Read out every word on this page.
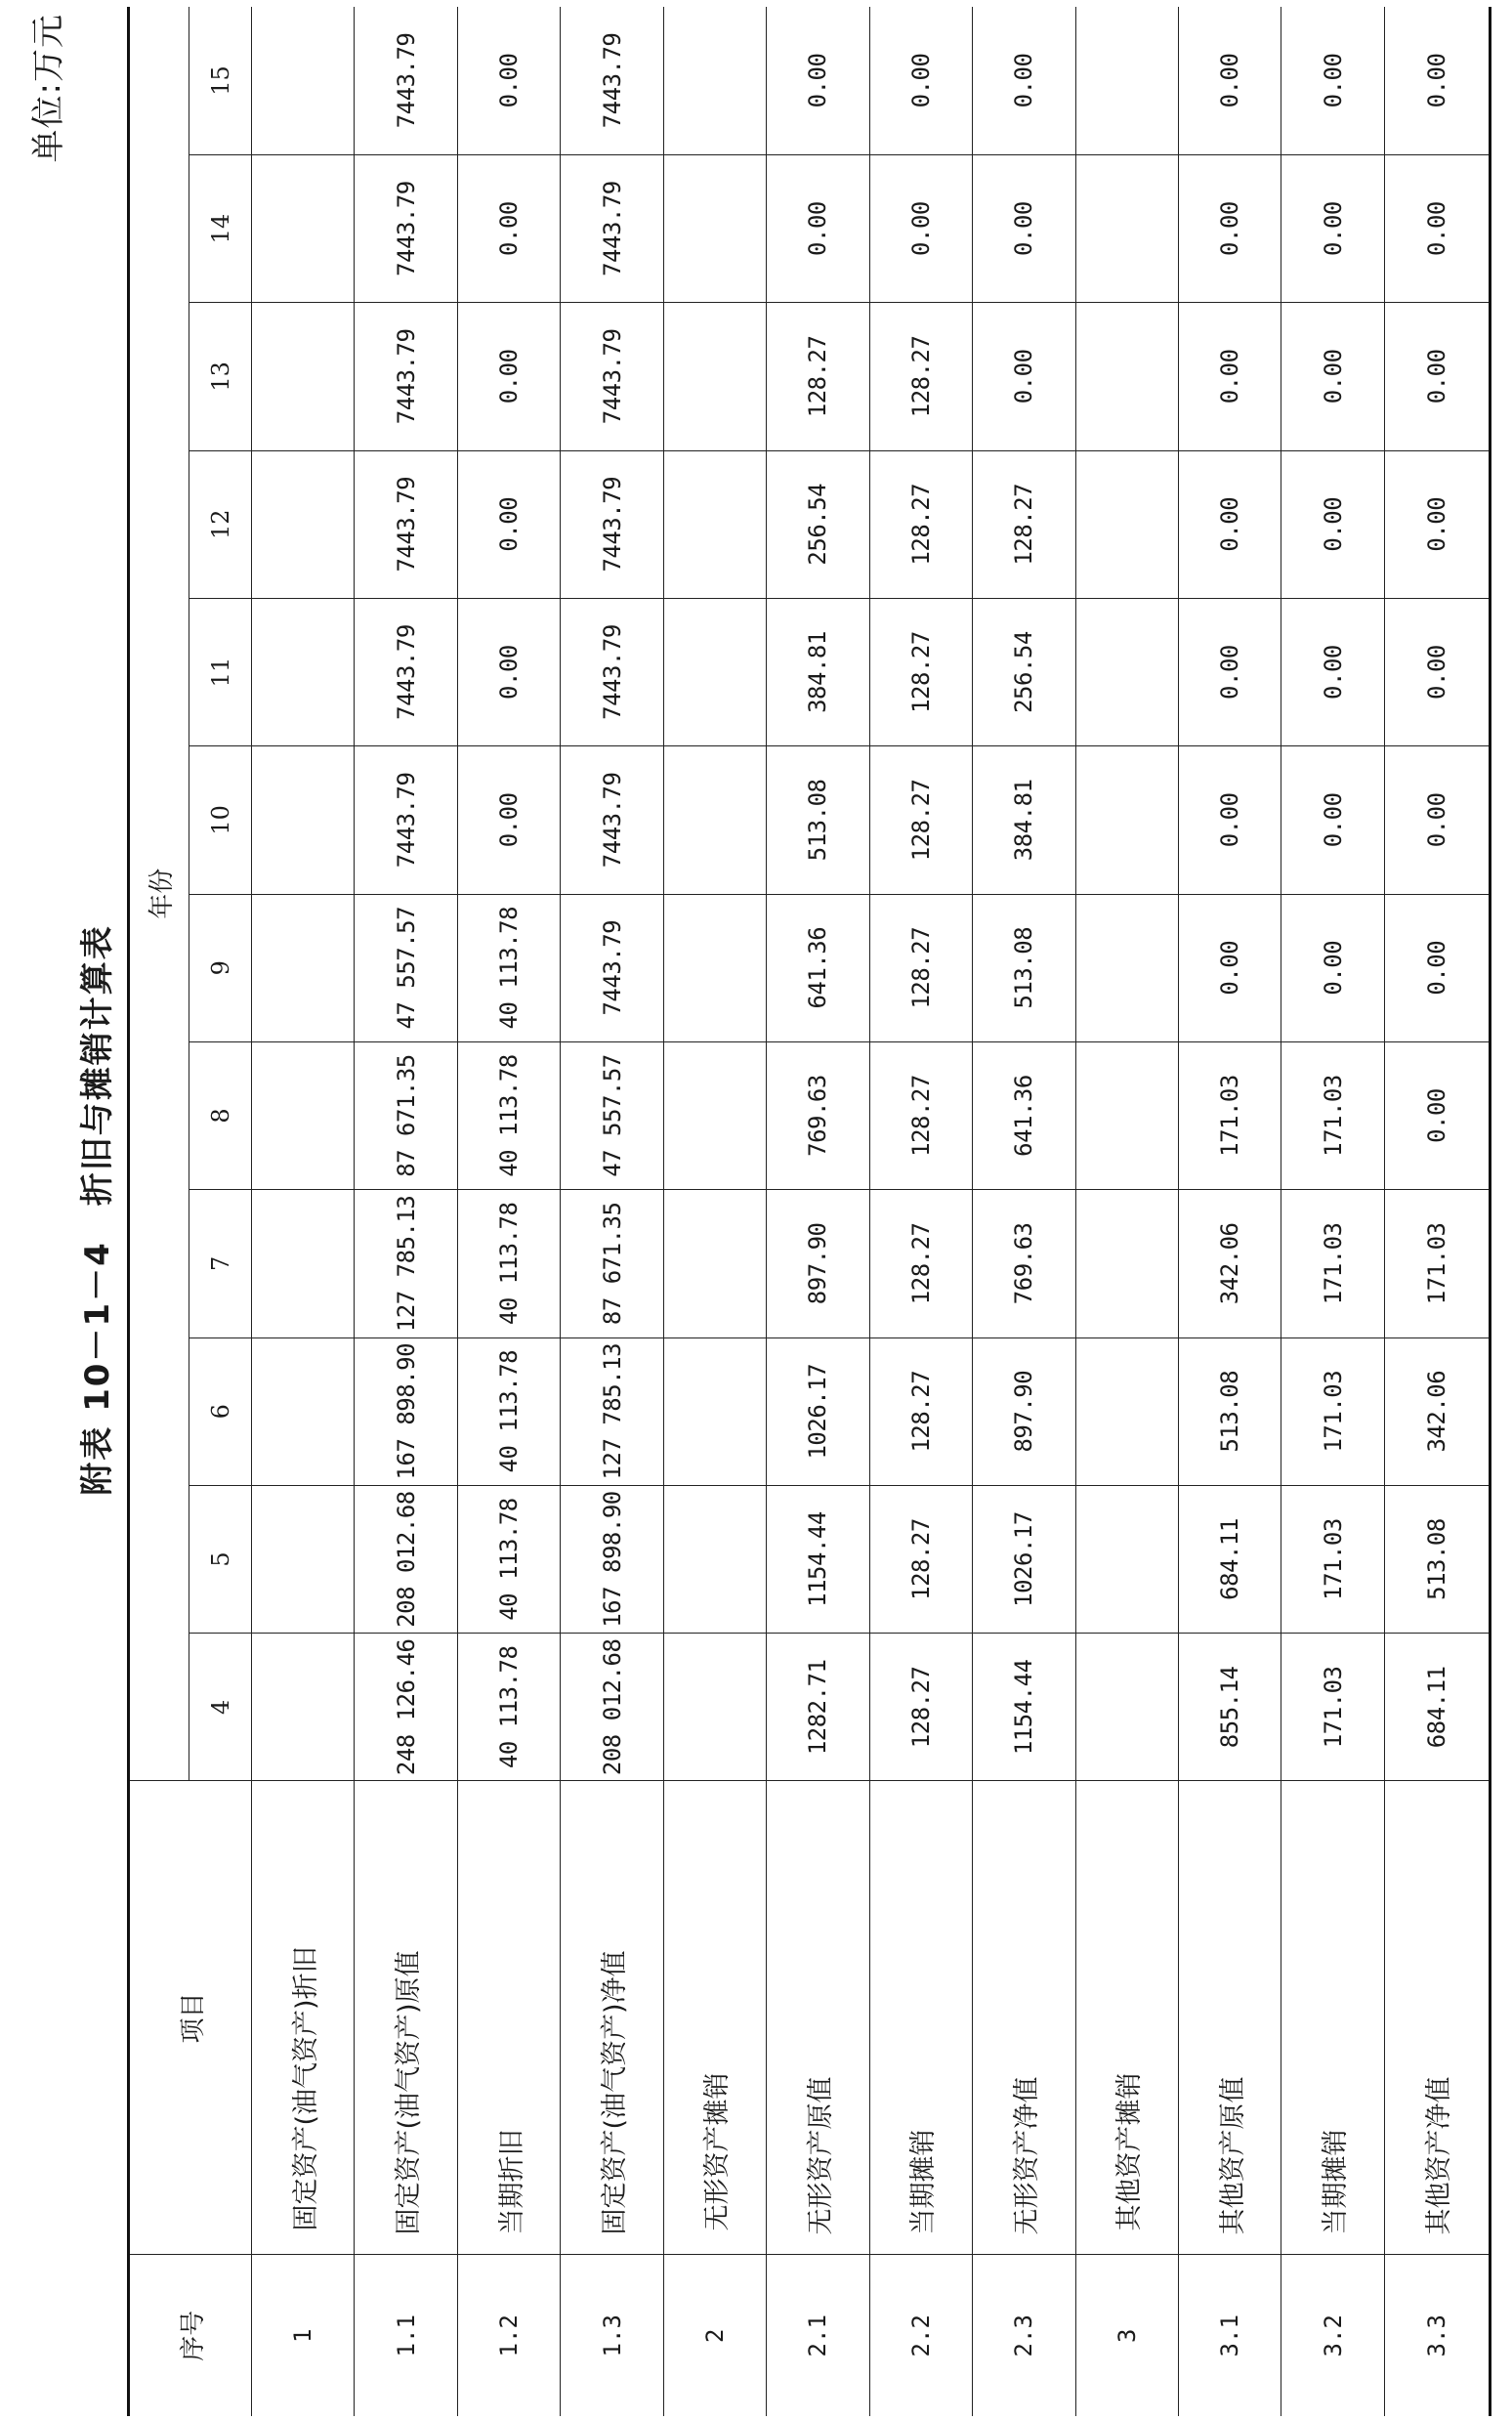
单位:万元
附表 10－1－4　折旧与摊销计算表
序号	项目	年份											
		4	5	6	7	8	9	10	11	12	13	14	15
1	固定资产(油气资产)折旧												
1.1	固定资产(油气资产)原值	248 126.46	208 012.68	167 898.90	127 785.13	87 671.35	47 557.57	7443.79	7443.79	7443.79	7443.79	7443.79	7443.79
1.2	当期折旧	40 113.78	40 113.78	40 113.78	40 113.78	40 113.78	40 113.78	0.00	0.00	0.00	0.00	0.00	0.00
1.3	固定资产(油气资产)净值	208 012.68	167 898.90	127 785.13	87 671.35	47 557.57	7443.79	7443.79	7443.79	7443.79	7443.79	7443.79	7443.79
2	无形资产摊销												
2.1	无形资产原值	1282.71	1154.44	1026.17	897.90	769.63	641.36	513.08	384.81	256.54	128.27	0.00	0.00
2.2	当期摊销	128.27	128.27	128.27	128.27	128.27	128.27	128.27	128.27	128.27	128.27	0.00	0.00
2.3	无形资产净值	1154.44	1026.17	897.90	769.63	641.36	513.08	384.81	256.54	128.27	0.00	0.00	0.00
3	其他资产摊销												
3.1	其他资产原值	855.14	684.11	513.08	342.06	171.03	0.00	0.00	0.00	0.00	0.00	0.00	0.00
3.2	当期摊销	171.03	171.03	171.03	171.03	171.03	0.00	0.00	0.00	0.00	0.00	0.00	0.00
3.3	其他资产净值	684.11	513.08	342.06	171.03	0.00	0.00	0.00	0.00	0.00	0.00	0.00	0.00
